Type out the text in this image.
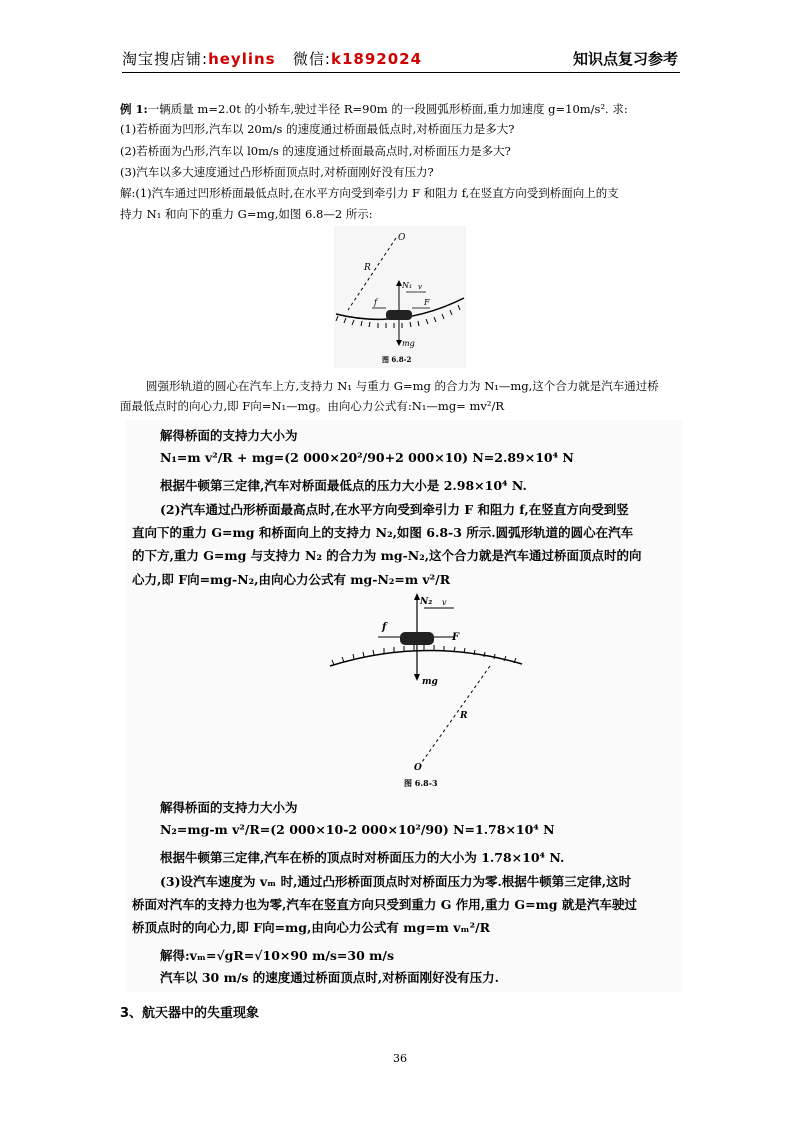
淘宝搜店铺:heylins 微信:k1892024	知识点复习参考
例 1:一辆质量 m=2.0t 的小轿车,驶过半径 R=90m 的一段圆弧形桥面,重力加速度 g=10m/s². 求:
(1)若桥面为凹形,汽车以 20m/s 的速度通过桥面最低点时,对桥面压力是多大?
(2)若桥面为凸形,汽车以 l0m/s 的速度通过桥面最高点时,对桥面压力是多大?
(3)汽车以多大速度通过凸形桥面顶点时,对桥面刚好没有压力?
解:(1)汽车通过凹形桥面最低点时,在水平方向受到牵引力 F 和阻力 f,在竖直方向受到桥面向上的支
持力 N₁ 和向下的重力 G=mg,如图 6.8—2 所示:
O
R
N₁ v
f	F
mg
图 6.8-2
圆强形轨道的圆心在汽车上方,支持力 N₁ 与重力 G=mg 的合力为 N₁—mg,这个合力就是汽车通过桥
面最低点时的向心力,即 F向=N₁—mg。由向心力公式有:N₁—mg= mv²/R
解得桥面的支持力大小为
N₁=m v²/R + mg=(2 000×20²/90+2 000×10) N=2.89×10⁴ N
根据牛顿第三定律,汽车对桥面最低点的压力大小是 2.98×10⁴ N.
(2)汽车通过凸形桥面最高点时,在水平方向受到牵引力 F 和阻力 f,在竖直方向受到竖
直向下的重力 G=mg 和桥面向上的支持力 N₂,如图 6.8-3 所示.圆弧形轨道的圆心在汽车
的下方,重力 G=mg 与支持力 N₂ 的合力为 mg-N₂,这个合力就是汽车通过桥面顶点时的向
心力,即 F向=mg-N₂,由向心力公式有 mg-N₂=m v²/R
N₂ v
f
F
mg
R
O
图 6.8-3
解得桥面的支持力大小为
N₂=mg-m v²/R=(2 000×10-2 000×10²/90) N=1.78×10⁴ N
根据牛顿第三定律,汽车在桥的顶点时对桥面压力的大小为 1.78×10⁴ N.
(3)设汽车速度为 vₘ 时,通过凸形桥面顶点时对桥面压力为零.根据牛顿第三定律,这时
桥面对汽车的支持力也为零,汽车在竖直方向只受到重力 G 作用,重力 G=mg 就是汽车驶过
桥顶点时的向心力,即 F向=mg,由向心力公式有 mg=m vₘ²/R
解得:vₘ=√gR=√10×90 m/s=30 m/s
汽车以 30 m/s 的速度通过桥面顶点时,对桥面刚好没有压力.
3、航天器中的失重现象
36
